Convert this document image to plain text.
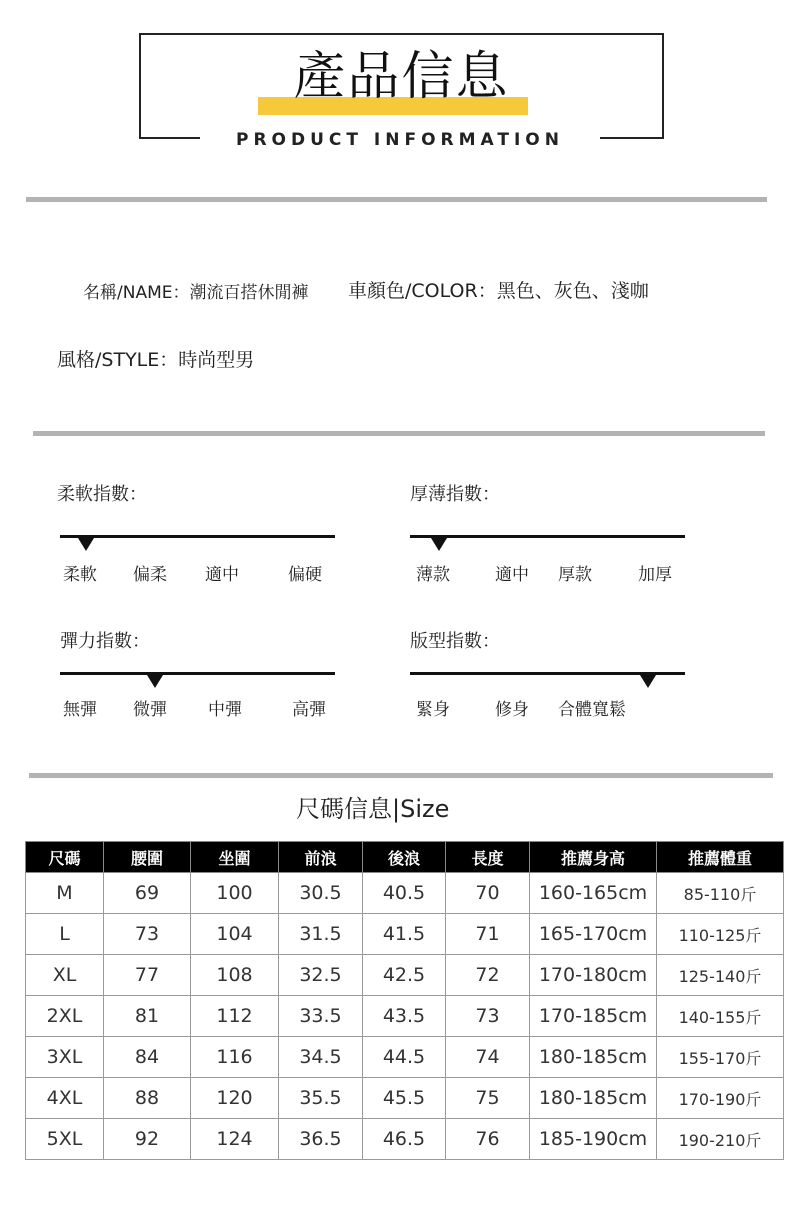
產品信息
PRODUCT INFORMATION
名稱/NAME：潮流百搭休閒褲 車顏色/COLOR：黑色、灰色、淺咖
風格/STYLE：時尚型男
柔軟指數：
柔軟 偏柔 適中	偏硬
厚薄指數：
薄款	適中 厚款	加厚
彈力指數：
無彈 微彈 中彈	高彈
版型指數：
緊身	修身 合體寬鬆
尺碼信息|Size
尺碼	腰圍	坐圍	前浪	後浪	長度	推薦身高	推薦體重
M	69	100	30.5	40.5	70	160-165cm	85-110斤
L	73	104	31.5	41.5	71	165-170cm	110-125斤
XL	77	108	32.5	42.5	72	170-180cm	125-140斤
2XL	81	112	33.5	43.5	73	170-185cm	140-155斤
3XL	84	116	34.5	44.5	74	180-185cm	155-170斤
4XL	88	120	35.5	45.5	75	180-185cm	170-190斤
5XL	92	124	36.5	46.5	76	185-190cm	190-210斤
